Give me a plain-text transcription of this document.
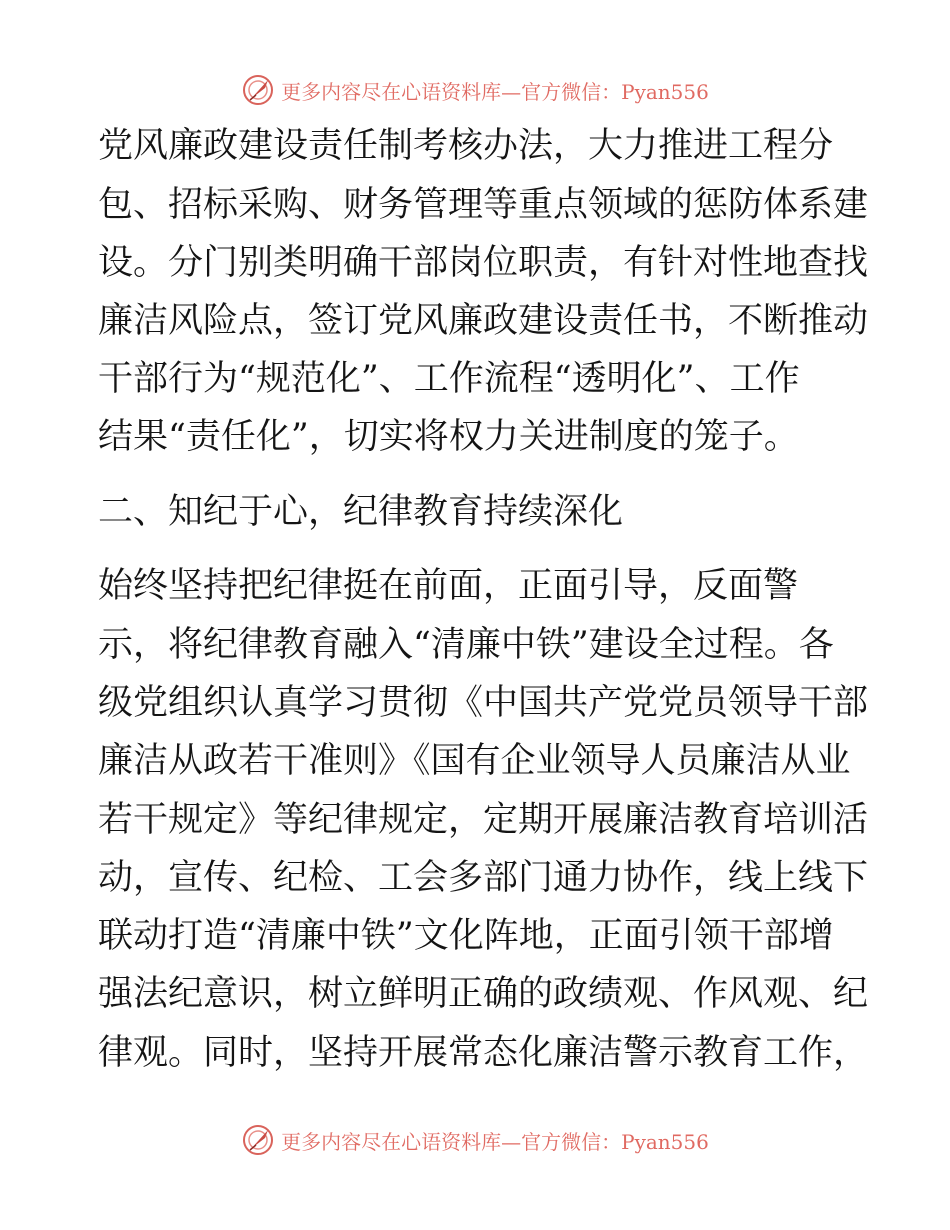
更多内容尽在心语资料库—官方微信：Pyan556
党风廉政建设责任制考核办法，大力推进工程分
包、招标采购、财务管理等重点领域的惩防体系建
设。分门别类明确干部岗位职责，有针对性地查找
廉洁风险点，签订党风廉政建设责任书，不断推动
干部行为“规范化”、工作流程“透明化”、工作
结果“责任化”，切实将权力关进制度的笼子。
二、知纪于心，纪律教育持续深化
始终坚持把纪律挺在前面，正面引导，反面警
示，将纪律教育融入“清廉中铁”建设全过程。各
级党组织认真学习贯彻《中国共产党党员领导干部
廉洁从政若干准则》《国有企业领导人员廉洁从业
若干规定》等纪律规定，定期开展廉洁教育培训活
动，宣传、纪检、工会多部门通力协作，线上线下
联动打造“清廉中铁”文化阵地，正面引领干部增
强法纪意识，树立鲜明正确的政绩观、作风观、纪
律观。同时，坚持开展常态化廉洁警示教育工作，
更多内容尽在心语资料库—官方微信：Pyan556
